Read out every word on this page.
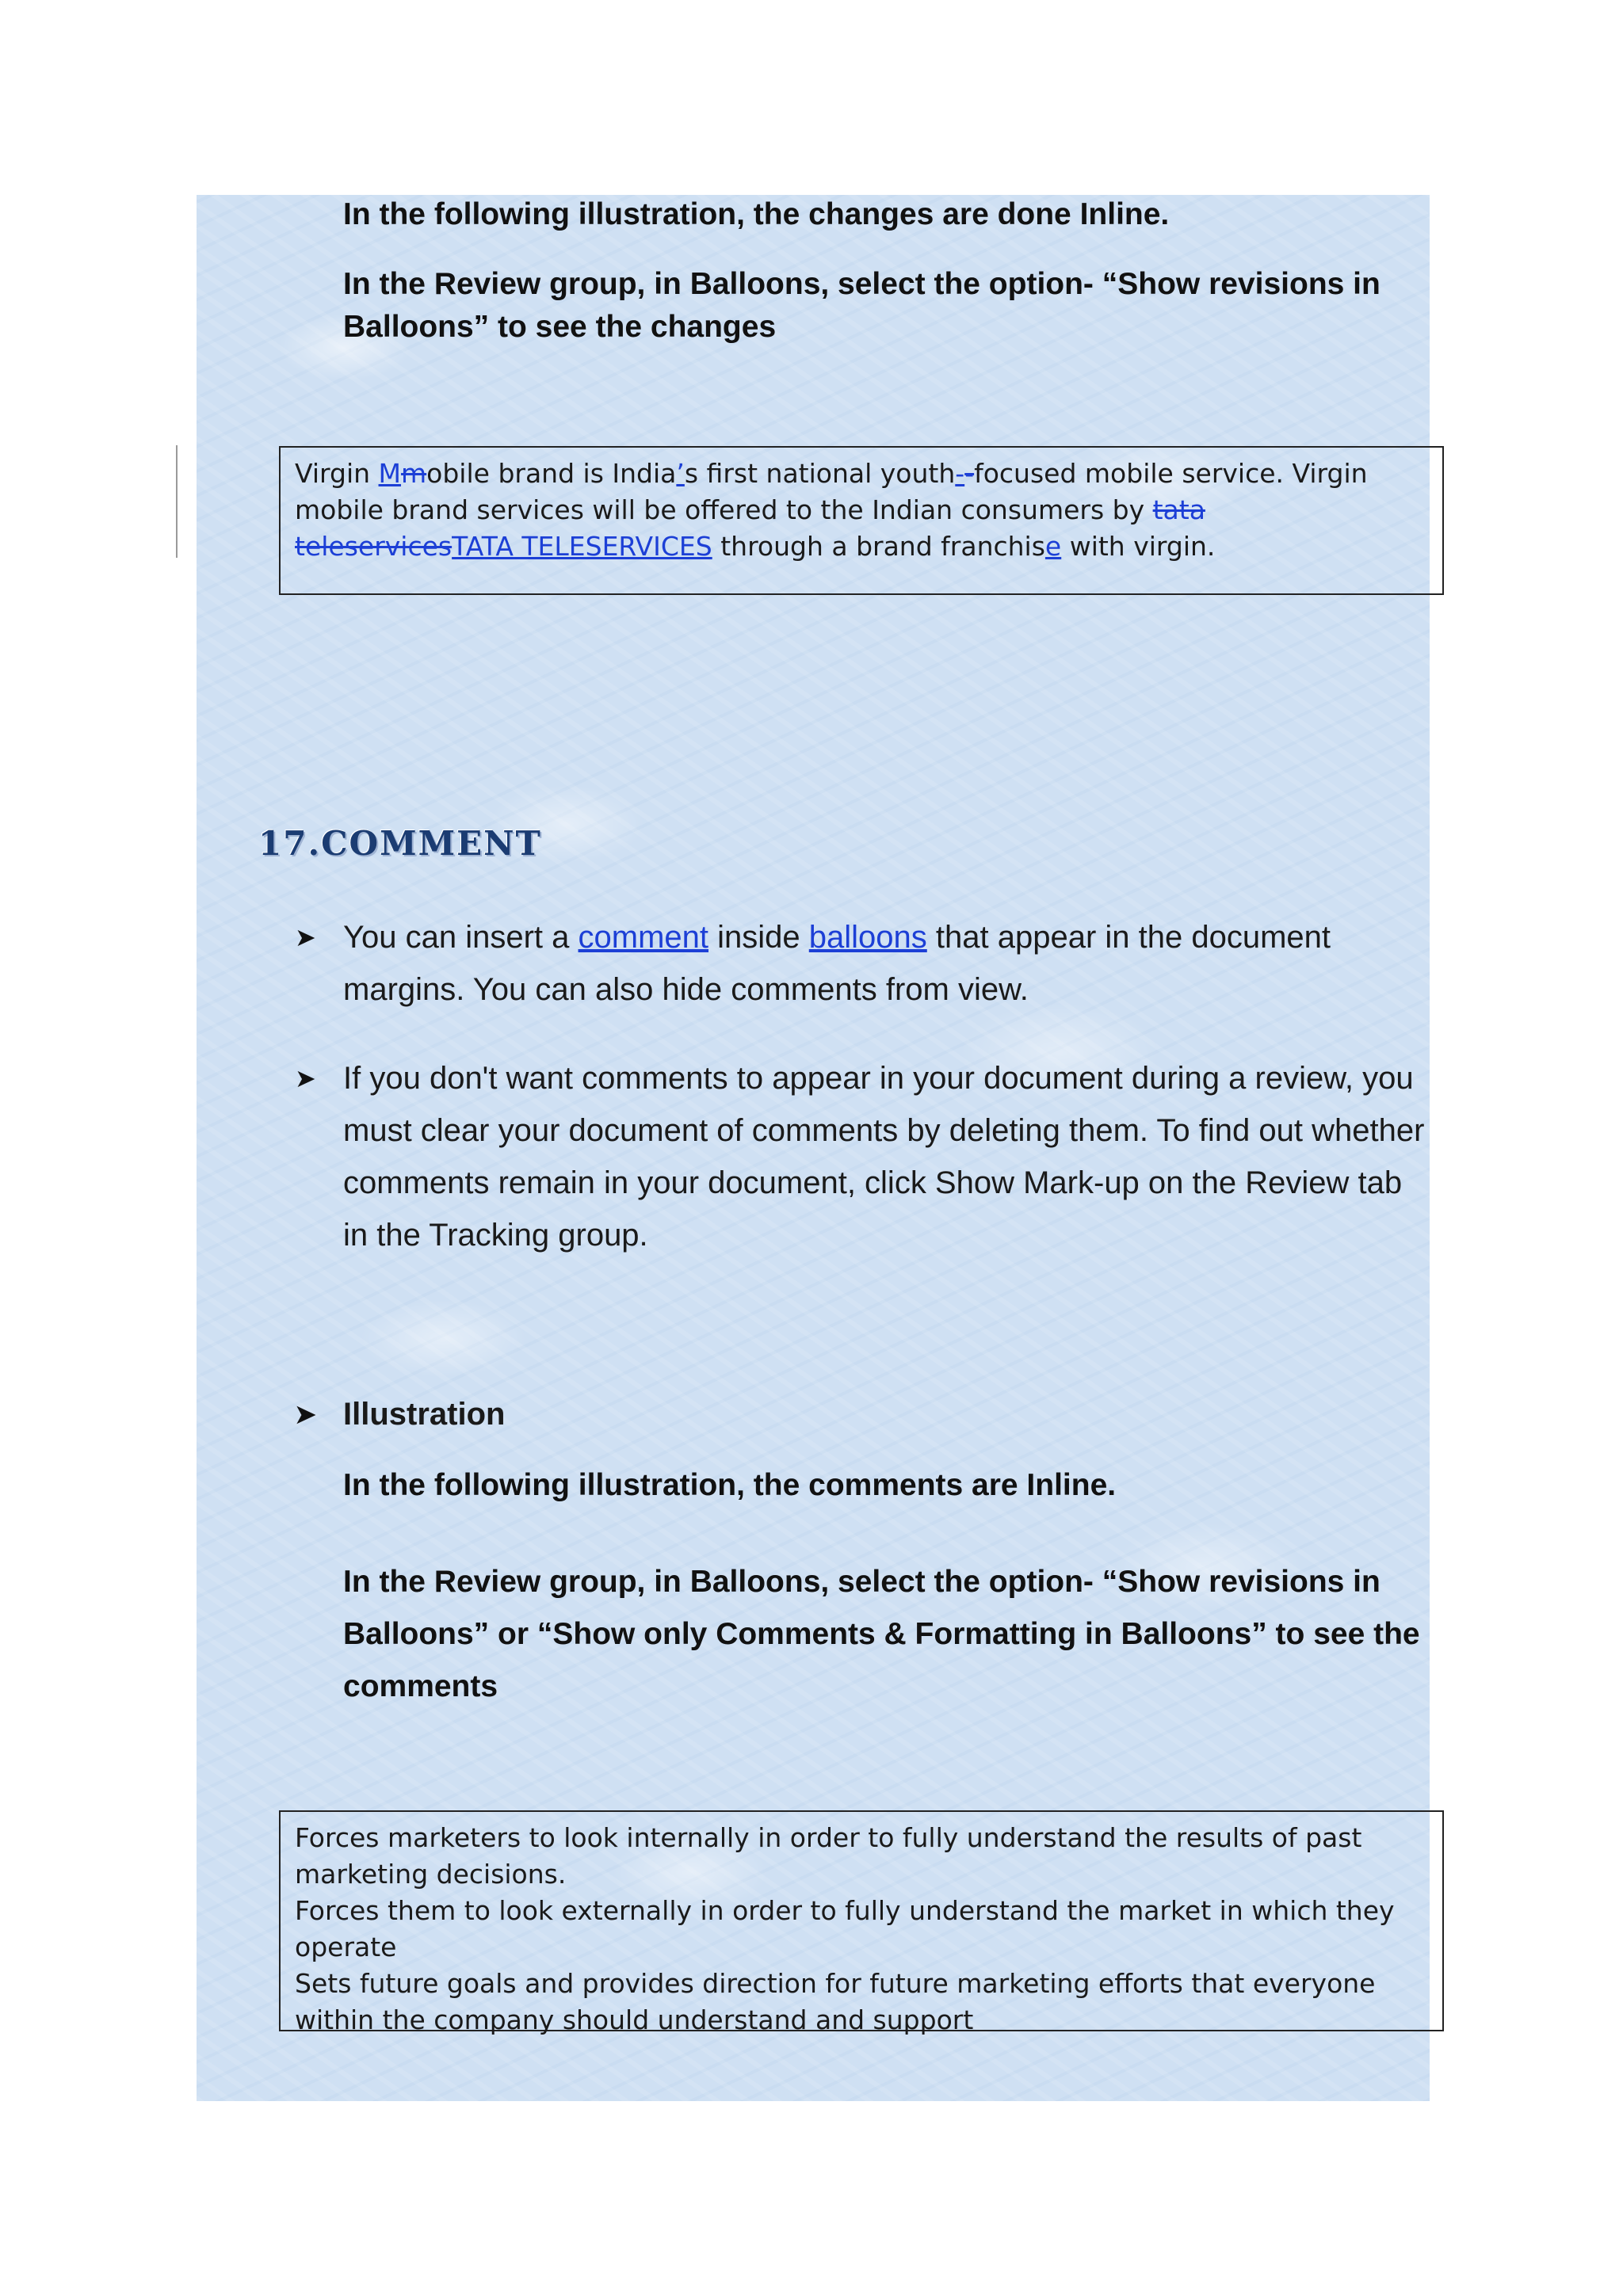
In the following illustration, the changes are done Inline.

In the Review group, in Balloons, select the option- “Show revisions in Balloons” to see the changes

Virgin Mmobile brand is India’s first national youth--focused mobile service. Virgin mobile brand services will be offered to the Indian consumers by tata teleservicesTATA TELESERVICES through a brand franchise with virgin.
17.COMMENT
➤ You can insert a comment inside balloons that appear in the document margins. You can also hide comments from view.
➤ If you don't want comments to appear in your document during a review, you must clear your document of comments by deleting them. To find out whether comments remain in your document, click Show Mark-up on the Review tab in the Tracking group.
➤ Illustration

In the following illustration, the comments are Inline.

In the Review group, in Balloons, select the option- “Show revisions in Balloons” or “Show only Comments & Formatting in Balloons” to see the comments

Forces marketers to look internally in order to fully understand the results of past marketing decisions.
Forces them to look externally in order to fully understand the market in which they operate
Sets future goals and provides direction for future marketing efforts that everyone within the company should understand and support
